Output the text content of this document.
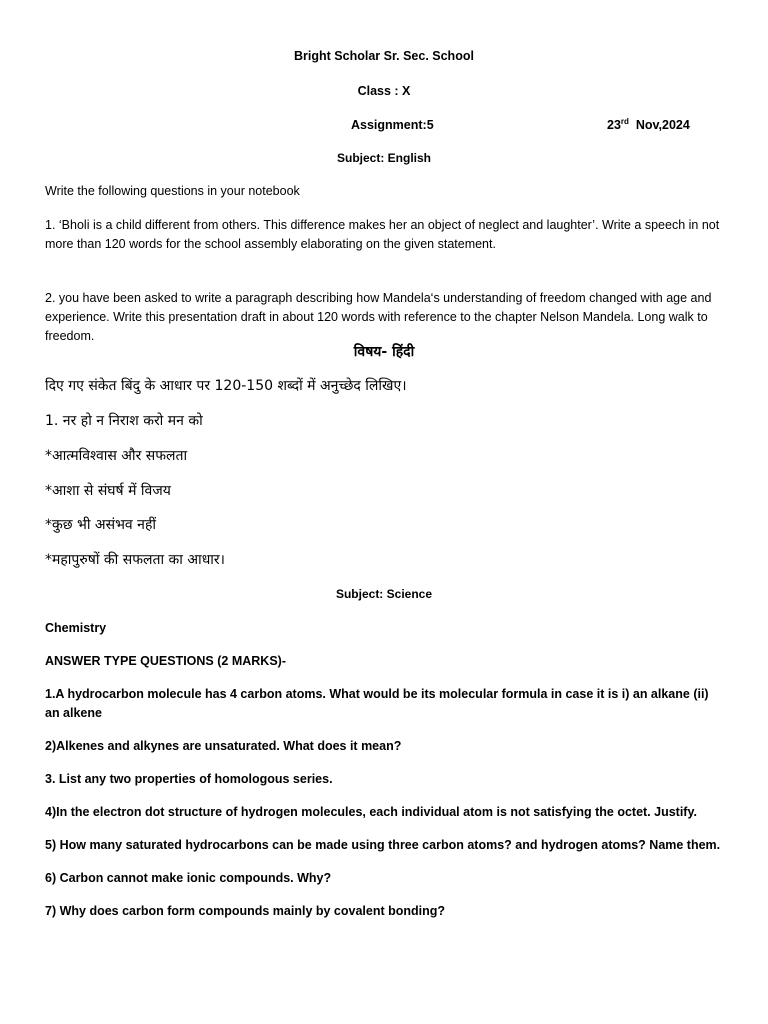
Bright Scholar Sr. Sec. School
Class : X
Assignment:5	23rd Nov,2024
Subject: English
Write the following questions in your notebook
1. ‘Bholi is a child different from others. This difference makes her an object of neglect and laughter’. Write a speech in not more than 120 words for the school assembly elaborating on the given statement.
2. you have been asked to write a paragraph describing how Mandela‘s understanding of freedom changed with age and experience. Write this presentation draft in about 120 words with reference to the chapter Nelson Mandela. Long walk to freedom.
विषय- हिंदी
दिए गए संकेत बिंदु के आधार पर 120-150 शब्दों में अनुच्छेद लिखिए।
1. नर हो न निराश करो मन को
*आत्मविश्वास और सफलता
*आशा से संघर्ष में विजय
*कुछ भी असंभव नहीं
*महापुरुषों की सफलता का आधार।
Subject: Science
Chemistry
ANSWER TYPE QUESTIONS (2 MARKS)-
1.A hydrocarbon molecule has 4 carbon atoms. What would be its molecular formula in case it is i) an alkane (ii) an alkene
2)Alkenes and alkynes are unsaturated. What does it mean?
3. List any two properties of homologous series.
4)In the electron dot structure of hydrogen molecules, each individual atom is not satisfying the octet. Justify.
5) How many saturated hydrocarbons can be made using three carbon atoms? and hydrogen atoms? Name them.
6) Carbon cannot make ionic compounds. Why?
7) Why does carbon form compounds mainly by covalent bonding?
